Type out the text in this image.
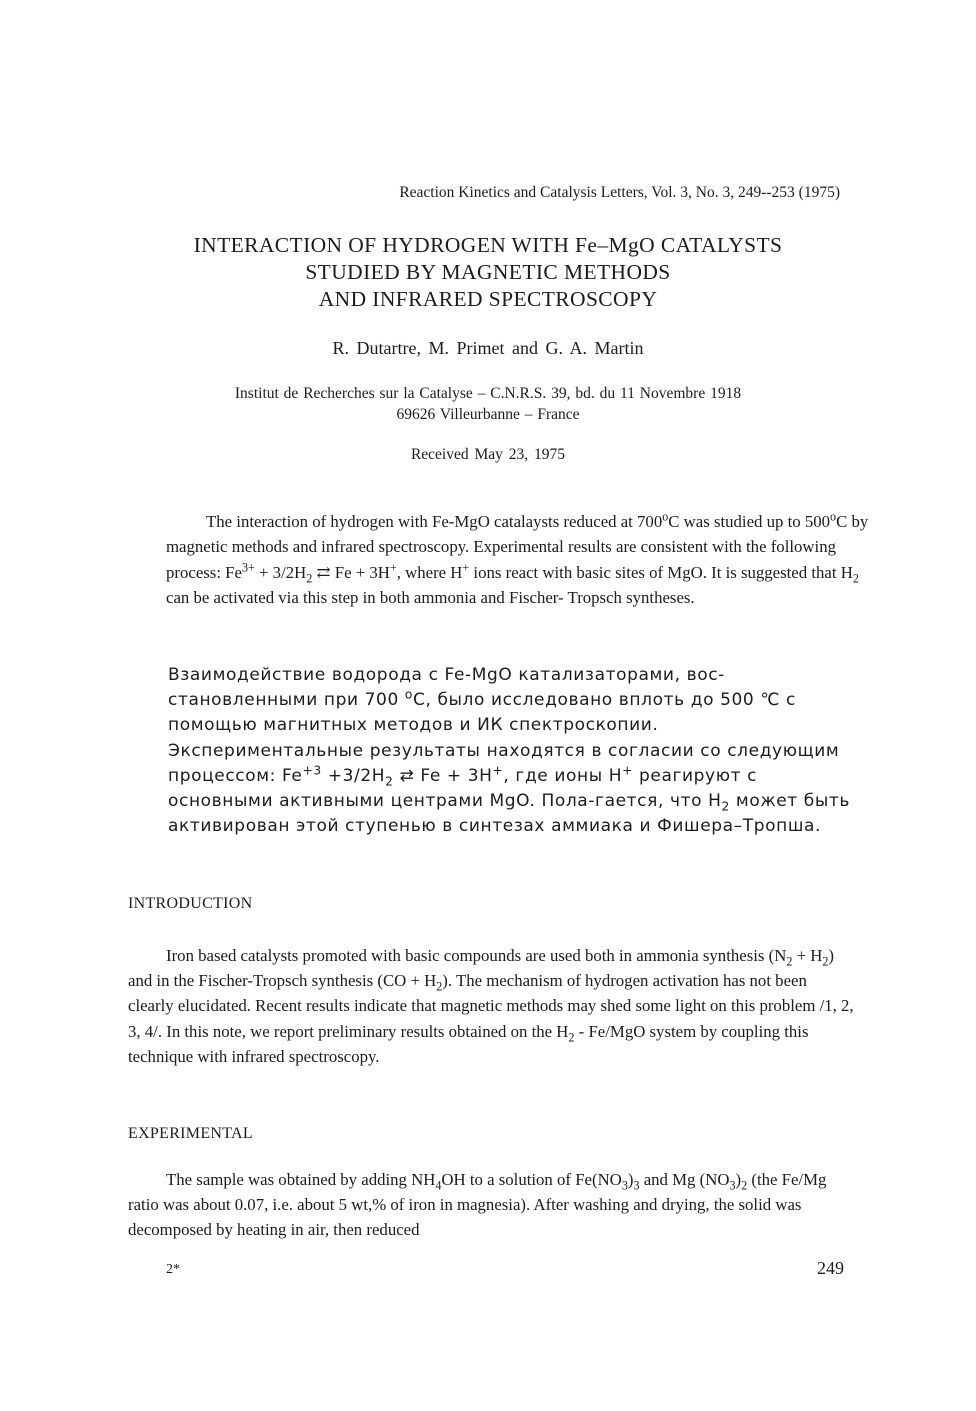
Reaction Kinetics and Catalysis Letters, Vol. 3, No. 3, 249--253 (1975)
INTERACTION OF HYDROGEN WITH Fe–MgO CATALYSTS
STUDIED BY MAGNETIC METHODS
AND INFRARED SPECTROSCOPY
R. Dutartre, M. Primet and G. A. Martin
Institut de Recherches sur la Catalyse – C.N.R.S. 39, bd. du 11 Novembre 1918
69626 Villeurbanne – France
Received May 23, 1975

The interaction of hydrogen with Fe-MgO catalaysts reduced at 700$^o$C was studied up to 500$^o$C by magnetic methods and infrared spectroscopy. Experimental results are consistent with the following process: $Fe^{3+} + 3/2H_2$ ⇄ Fe + 3H+, where H+ ions react with basic sites of MgO. It is suggested that $H_2$ can be activated via this step in both ammonia and Fischer- Tropsch syntheses.

Взаимодействие водорода с Fe-MgO катализаторами, вос-становленными при 700 $^о$С, было исследовано вплоть до 500 ℃ с помощью магнитных методов и ИК спектроскопии. Экспериментальные результаты находятся в согласии со следующим процессом: $Fe^{+3} +3/2H_2$ ⇄ Fe + 3H+, где ионы H+ реагируют с основными активными центрами MgO. Пола-гается, что $H_2$ может быть активирован этой ступенью в синтезах аммиака и Фишера–Тропша.

INTRODUCTION

Iron based catalysts promoted with basic compounds are used both in ammonia synthesis $(N_2 + H_2)$ and in the Fischer-Tropsch synthesis $(CO + H_2)$. The mechanism of hydrogen activation has not been clearly elucidated. Recent results indicate that magnetic methods may shed some light on this problem /1, 2, 3, 4/. In this note, we report preliminary results obtained on the $H_2 - Fe/MgO$ system by coupling this technique with infrared spectroscopy.

EXPERIMENTAL

The sample was obtained by adding $NH_4OH$ to a solution of $Fe(NO_3)_3$ and Mg $(NO_3)_2$ (the Fe/Mg ratio was about 0.07, i.e. about 5 wt,% of iron in magnesia). After washing and drying, the solid was decomposed by heating in air, then reduced

2*	249
